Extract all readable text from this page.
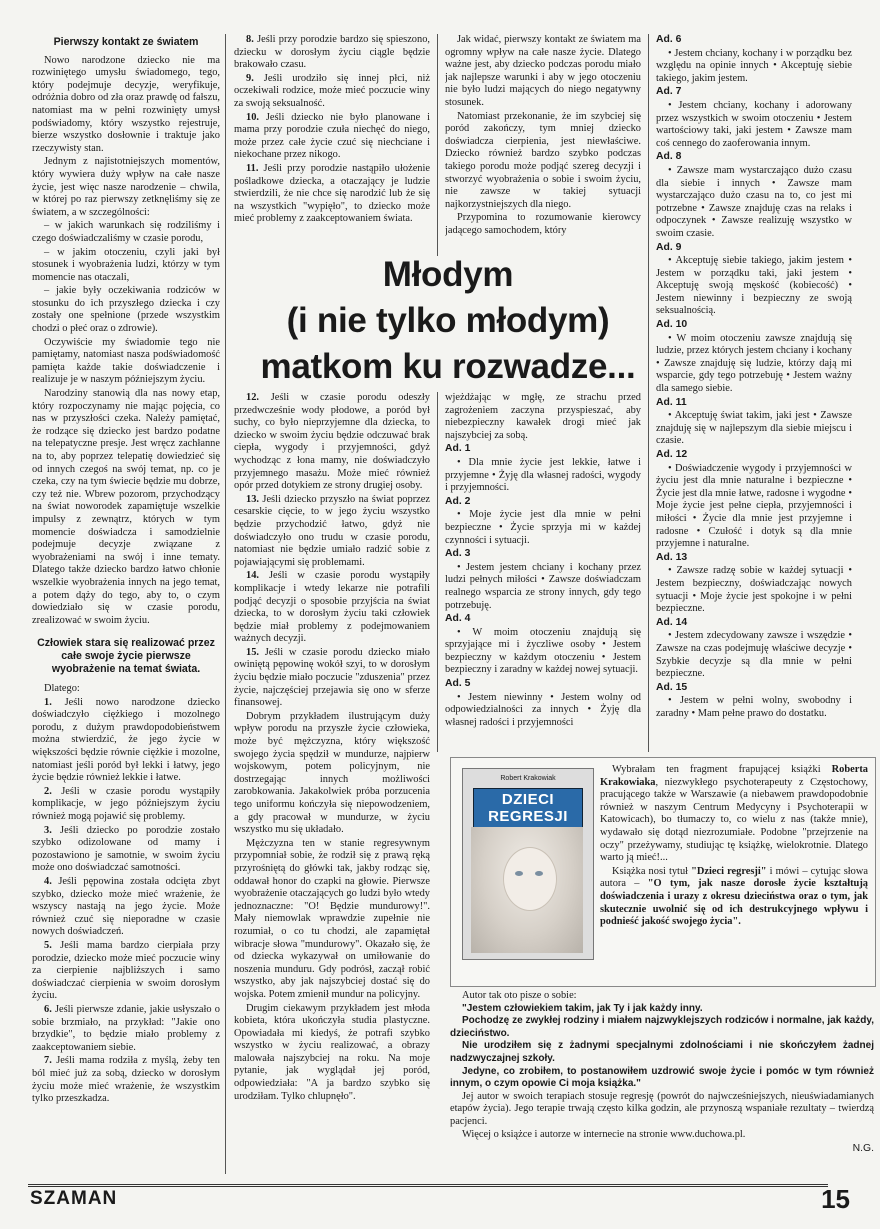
Pierwszy kontakt ze światem

Nowo narodzone dziecko nie ma rozwiniętego umysłu świadomego, tego, który podejmuje decyzje, weryfikuje, odróżnia dobro od zła oraz prawdę od fałszu, natomiast ma w pełni rozwinięty umysł podświadomy, który wszystko rejestruje, bierze wszystko dosłownie i traktuje jako rzeczywisty stan.

Jednym z najistotniejszych momentów, który wywiera duży wpływ na całe nasze życie, jest więc nasze narodzenie – chwila, w której po raz pierwszy zetknęliśmy się ze światem, a w szczególności:

– w jakich warunkach się rodziliśmy i czego doświadczaliśmy w czasie porodu,

– w jakim otoczeniu, czyli jaki był stosunek i wyobrażenia ludzi, którzy w tym momencie nas otaczali,

– jakie były oczekiwania rodziców w stosunku do ich przyszłego dziecka i czy zostały one spełnione (przede wszystkim chodzi o płeć oraz o zdrowie).

Oczywiście my świadomie tego nie pamiętamy, natomiast nasza podświadomość pamięta każde takie doświadczenie i realizuje je w naszym późniejszym życiu.

Narodziny stanowią dla nas nowy etap, który rozpoczynamy nie mając pojęcia, co nas w przyszłości czeka. Należy pamiętać, że rodzące się dziecko jest bardzo podatne na telepatyczne presje. Jest wręcz zachłanne na to, aby poprzez telepatię dowiedzieć się od innych czegoś na swój temat, np. co je czeka, czy na tym świecie będzie mu dobrze, czy też nie. Wbrew pozorom, przychodzący na świat noworodek zapamiętuje wszelkie impulsy z zewnątrz, których w tym momencie doświadcza i samodzielnie podejmuje decyzje związane z wyobrażeniami na swój i inne tematy. Dlatego także dziecko bardzo łatwo chłonie wszelkie wyobrażenia innych na jego temat, a potem dąży do tego, aby to, o czym dowiedziało się w czasie porodu, zrealizować w swoim życiu.

Człowiek stara się realizować przez całe swoje życie pierwsze wyobrażenie na temat świata.

Dlatego:

1. Jeśli nowo narodzone dziecko doświadczyło ciężkiego i mozolnego porodu, z dużym prawdopodobieństwem można stwierdzić, że jego życie w większości będzie równie ciężkie i mozolne, natomiast jeśli poród był lekki i łatwy, jego życie będzie również lekkie i łatwe.

2. Jeśli w czasie porodu wystąpiły komplikacje, w jego późniejszym życiu również mogą pojawić się problemy.

3. Jeśli dziecko po porodzie zostało szybko odizolowane od mamy i pozostawiono je samotnie, w swoim życiu może ono doświadczać samotności.

4. Jeśli pępowina została odcięta zbyt szybko, dziecko może mieć wrażenie, że wszyscy nastają na jego życie. Może również czuć się nieporadne w czasie nowych doświadczeń.

5. Jeśli mama bardzo cierpiała przy porodzie, dziecko może mieć poczucie winy za cierpienie najbliższych i samo doświadczać cierpienia w swoim dorosłym życiu.

6. Jeśli pierwsze zdanie, jakie usłyszało o sobie brzmiało, na przykład: "Jakie ono brzydkie", to będzie miało problemy z zaakceptowaniem siebie.

7. Jeśli mama rodziła z myślą, żeby ten ból mieć już za sobą, dziecko w dorosłym życiu może mieć wrażenie, że wszystkim tylko przeszkadza.

8. Jeśli przy porodzie bardzo się spieszono, dziecku w dorosłym życiu ciągle będzie brakowało czasu.

9. Jeśli urodziło się innej płci, niż oczekiwali rodzice, może mieć poczucie winy za swoją seksualność.

10. Jeśli dziecko nie było planowane i mama przy porodzie czuła niechęć do niego, może przez całe życie czuć się niechciane i niekochane przez nikogo.

11. Jeśli przy porodzie nastąpiło ułożenie pośladkowe dziecka, a otaczający je ludzie stwierdzili, że nie chce się narodzić lub że się na wszystkich "wypięło", to dziecko może mieć problemy z zaakceptowaniem świata.

Jak widać, pierwszy kontakt ze światem ma ogromny wpływ na całe nasze życie. Dlatego ważne jest, aby dziecko podczas porodu miało jak najlepsze warunki i aby w jego otoczeniu nie było ludzi mających do niego negatywny stosunek.

Natomiast przekonanie, że im szybciej się poród zakończy, tym mniej dziecko doświadcza cierpienia, jest niewłaściwe. Dziecko również bardzo szybko podczas takiego porodu może podjąć szereg decyzji i stworzyć wyobrażenia o sobie i swoim życiu, nie zawsze w takiej sytuacji najkorzystniejszych dla niego.

Przypomina to rozumowanie kierowcy jadącego samochodem, który

Młodym
(i nie tylko młodym)
matkom ku rozwadze...

12. Jeśli w czasie porodu odeszły przedwcześnie wody płodowe, a poród był suchy, co było nieprzyjemne dla dziecka, to dziecko w swoim życiu będzie odczuwać brak ciepła, wygody i przyjemności, gdyż wychodząc z łona mamy, nie doświadczyło przyjemnego masażu. Może mieć również opór przed dotykiem ze strony drugiej osoby.

13. Jeśli dziecko przyszło na świat poprzez cesarskie cięcie, to w jego życiu wszystko będzie przychodzić łatwo, gdyż nie doświadczyło ono trudu w czasie porodu, natomiast nie będzie umiało radzić sobie z pojawiającymi się problemami.

14. Jeśli w czasie porodu wystąpiły komplikacje i wtedy lekarze nie potrafili podjąć decyzji o sposobie przyjścia na świat dziecka, to w dorosłym życiu taki człowiek będzie miał problemy z podejmowaniem ważnych decyzji.

15. Jeśli w czasie porodu dziecko miało owiniętą pępowinę wokół szyi, to w dorosłym życiu będzie miało poczucie "zduszenia" przez życie, najczęściej przejawia się ono w sferze finansowej.

Dobrym przykładem ilustrującym duży wpływ porodu na przyszłe życie człowieka, może być mężczyzna, który większość swojego życia spędził w mundurze, najpierw wojskowym, potem policyjnym, nie dostrzegając innych możliwości zarobkowania. Jakakolwiek próba porzucenia tego uniformu kończyła się niepowodzeniem, a gdy pracował w mundurze, w życiu wszystko mu się układało.

Mężczyzna ten w stanie regresywnym przypomniał sobie, że rodził się z prawą ręką przyrośniętą do główki tak, jakby rodząc się, oddawał honor do czapki na głowie. Pierwsze wyobrażenie otaczających go ludzi było wtedy jednoznaczne: "O! Będzie mundurowy!". Mały niemowlak wprawdzie zupełnie nie rozumiał, o co tu chodzi, ale zapamiętał wibracje słowa "mundurowy". Okazało się, że od dziecka wykazywał on umiłowanie do noszenia munduru. Gdy podrósł, zaczął robić wszystko, aby jak najszybciej dostać się do wojska. Potem zmienił mundur na policyjny.

Drugim ciekawym przykładem jest młoda kobieta, która ukończyła studia plastyczne. Opowiadała mi kiedyś, że potrafi szybko wszystko w życiu realizować, a obrazy malowała najszybciej na roku. Na moje pytanie, jak wyglądał jej poród, odpowiedziała: "A ja bardzo szybko się urodziłam. Tylko chlupnęło".

wjeżdżając w mgłę, ze strachu przed zagrożeniem zaczyna przyspieszać, aby niebezpieczny kawałek drogi mieć jak najszybciej za sobą.

Ad. 1

• Dla mnie życie jest lekkie, łatwe i przyjemne • Żyję dla własnej radości, wygody i przyjemności.

Ad. 2

• Moje życie jest dla mnie w pełni bezpieczne • Życie sprzyja mi w każdej czynności i sytuacji.

Ad. 3

• Jestem jestem chciany i kochany przez ludzi pełnych miłości • Zawsze doświadczam realnego wsparcia ze strony innych, gdy tego potrzebuję.

Ad. 4

• W moim otoczeniu znajdują się sprzyjające mi i życzliwe osoby • Jestem bezpieczny w każdym otoczeniu • Jestem bezpieczny i zaradny w każdej nowej sytuacji.

Ad. 5

• Jestem niewinny • Jestem wolny od odpowiedzialności za innych • Żyję dla własnej radości i przyjemności

Ad. 6

• Jestem chciany, kochany i w porządku bez względu na opinie innych • Akceptuję siebie takiego, jakim jestem.

Ad. 7

• Jestem chciany, kochany i adorowany przez wszystkich w swoim otoczeniu • Jestem wartościowy taki, jaki jestem • Zawsze mam coś cennego do zaoferowania innym.

Ad. 8

• Zawsze mam wystarczająco dużo czasu dla siebie i innych • Zawsze mam wystarczająco dużo czasu na to, co jest mi potrzebne • Zawsze znajduję czas na relaks i odpoczynek • Zawsze realizuję wszystko w swoim czasie.

Ad. 9

• Akceptuję siebie takiego, jakim jestem • Jestem w porządku taki, jaki jestem • Akceptuję swoją męskość (kobiecość) • Jestem niewinny i bezpieczny ze swoją seksualnością.

Ad. 10

• W moim otoczeniu zawsze znajdują się ludzie, przez których jestem chciany i kochany • Zawsze znajduję się ludzie, którzy dają mi wsparcie, gdy tego potrzebuję • Jestem ważny dla samego siebie.

Ad. 11

• Akceptuję świat takim, jaki jest • Zawsze znajduję się w najlepszym dla siebie miejscu i czasie.

Ad. 12

• Doświadczenie wygody i przyjemności w życiu jest dla mnie naturalne i bezpieczne • Życie jest dla mnie łatwe, radosne i wygodne • Moje życie jest pełne ciepła, przyjemności i miłości • Życie dla mnie jest przyjemne i radosne • Czułość i dotyk są dla mnie przyjemne i naturalne.

Ad. 13

• Zawsze radzę sobie w każdej sytuacji • Jestem bezpieczny, doświadczając nowych sytuacji • Moje życie jest spokojne i w pełni bezpieczne.

Ad. 14

• Jestem zdecydowany zawsze i wszędzie • Zawsze na czas podejmuję właściwe decyzje • Szybkie decyzje są dla mnie w pełni bezpieczne.

Ad. 15

• Jestem w pełni wolny, swobodny i zaradny • Mam pełne prawo do dostatku.

Robert Krakowiak
DZIECI REGRESJI

Wybrałam ten fragment frapującej książki Roberta Krakowiaka, niezwykłego psychoterapeuty z Częstochowy, pracującego także w Warszawie (a niebawem prawdopodobnie również w naszym Centrum Medycyny i Psychoterapii w Katowicach), bo tłumaczy to, co wielu z nas (także mnie), wydawało się dotąd niezrozumiałe. Podobne "przejrzenie na oczy" przeżywamy, studiując tę książkę, wielokrotnie. Dlatego warto ją mieć!...

Książka nosi tytuł "Dzieci regresji" i mówi – cytując słowa autora – "O tym, jak nasze dorosłe życie kształtują doświadczenia i urazy z okresu dzieciństwa oraz o tym, jak skutecznie uwolnić się od ich destrukcyjnego wpływu i podnieść jakość swojego życia".

Autor tak oto pisze o sobie:

"Jestem człowiekiem takim, jak Ty i jak każdy inny.

Pochodzę ze zwykłej rodziny i miałem najzwyklejszych rodziców i normalne, jak każdy, dzieciństwo.

Nie urodziłem się z żadnymi specjalnymi zdolnościami i nie skończyłem żadnej nadzwyczajnej szkoły.

Jedyne, co zrobiłem, to postanowiłem uzdrowić swoje życie i pomóc w tym również innym, o czym opowie Ci moja książka."

Jej autor w swoich terapiach stosuje regresję (powrót do najwcześniejszych, nieuświadamianych etapów życia). Jego terapie trwają często kilka godzin, ale przynoszą wspaniałe rezultaty – twierdzą pacjenci.

Więcej o książce i autorze w internecie na stronie www.duchowa.pl.

N.G.

SZAMAN	15
